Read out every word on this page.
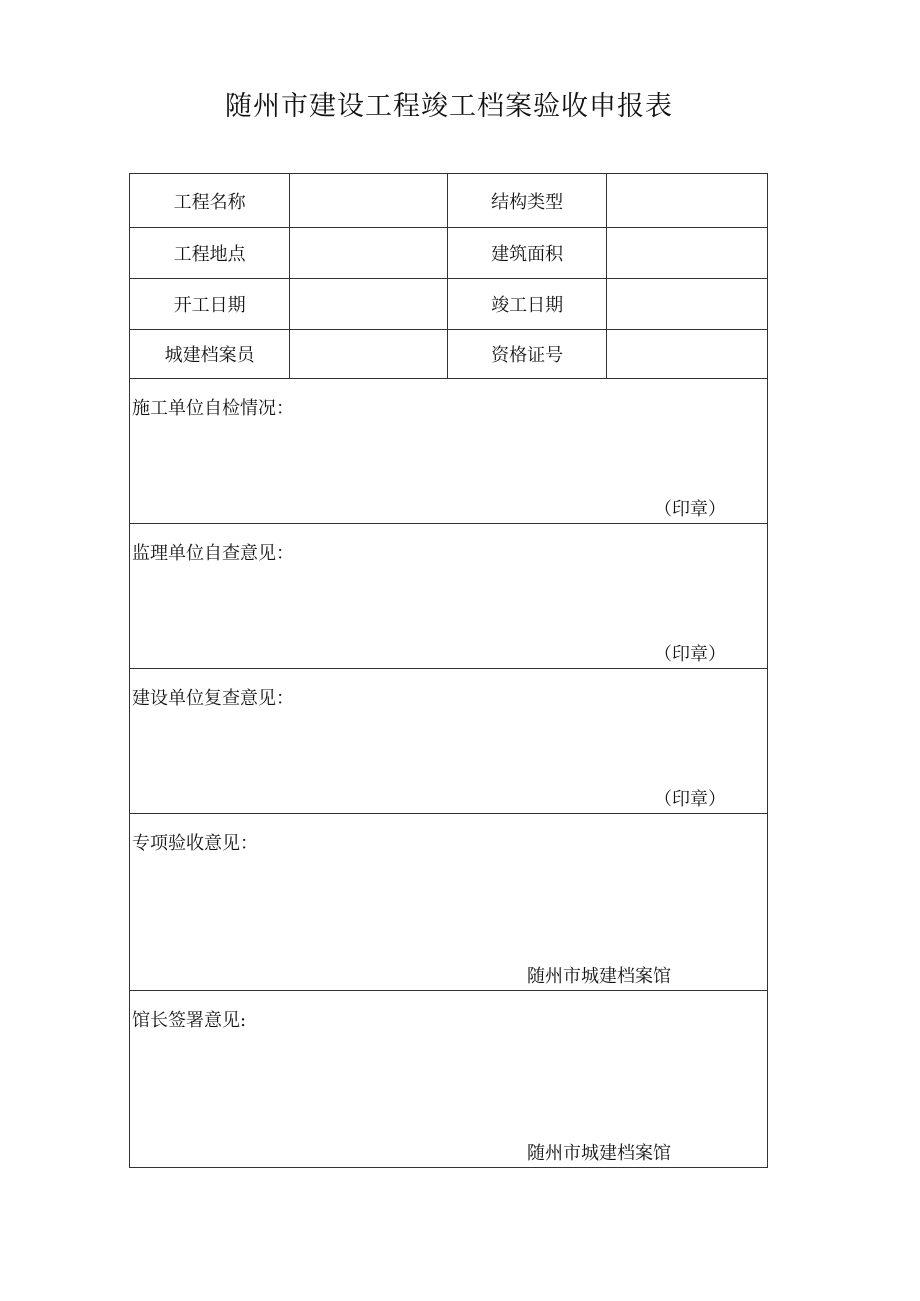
随州市建设工程竣工档案验收申报表
工程名称		结构类型	
工程地点		建筑面积	
开工日期		竣工日期	
城建档案员		资格证号	

施工单位自检情况：
（印章）			

监理单位自查意见：
（印章）			

建设单位复查意见：
（印章）			

专项验收意见：
随州市城建档案馆			

馆长签署意见:
随州市城建档案馆			
